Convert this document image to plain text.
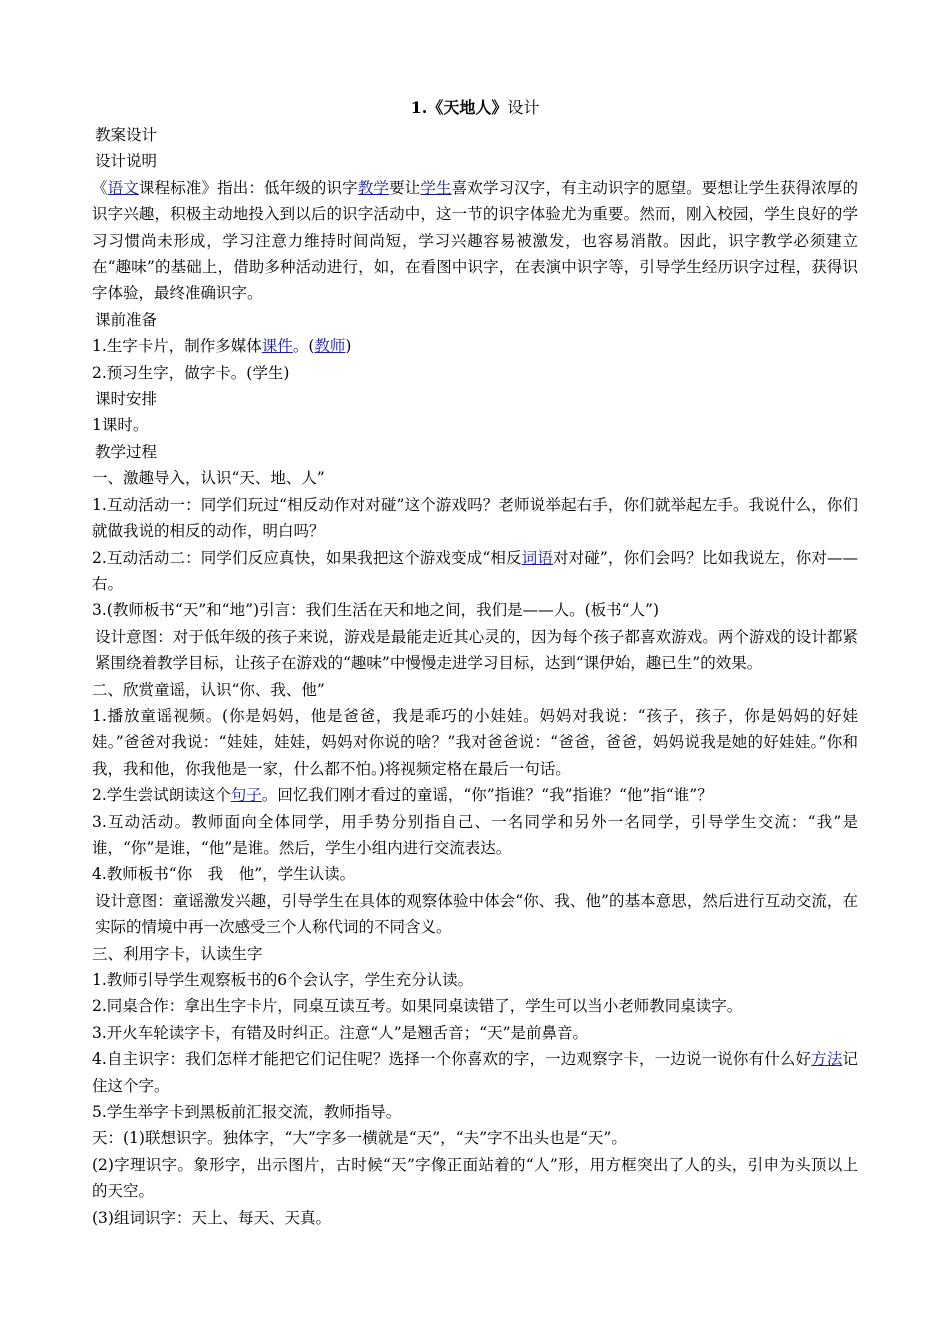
1.《天地人》设计

教案设计

设计说明

《语文课程标准》指出：低年级的识字教学要让学生喜欢学习汉字，有主动识字的愿望。要想让学生获得浓厚的识字兴趣，积极主动地投入到以后的识字活动中，这一节的识字体验尤为重要。然而，刚入校园，学生良好的学习习惯尚未形成，学习注意力维持时间尚短，学习兴趣容易被激发，也容易消散。因此，识字教学必须建立在“趣味”的基础上，借助多种活动进行，如，在看图中识字，在表演中识字等，引导学生经历识字过程，获得识字体验，最终准确识字。

课前准备

1.生字卡片，制作多媒体课件。(教师)

2.预习生字，做字卡。(学生)

课时安排

1课时。

教学过程

一、激趣导入，认识“天、地、人”

1.互动活动一：同学们玩过“相反动作对对碰”这个游戏吗？老师说举起右手，你们就举起左手。我说什么，你们就做我说的相反的动作，明白吗？

2.互动活动二：同学们反应真快，如果我把这个游戏变成“相反词语对对碰”，你们会吗？比如我说左，你对——右。

3.(教师板书“天”和“地”)引言：我们生活在天和地之间，我们是——人。(板书“人”)

设计意图：对于低年级的孩子来说，游戏是最能走近其心灵的，因为每个孩子都喜欢游戏。两个游戏的设计都紧紧围绕着教学目标，让孩子在游戏的“趣味”中慢慢走进学习目标，达到“课伊始，趣已生”的效果。

二、欣赏童谣，认识“你、我、他”

1.播放童谣视频。(你是妈妈，他是爸爸，我是乖巧的小娃娃。妈妈对我说：“孩子，孩子，你是妈妈的好娃娃。”爸爸对我说：“娃娃，娃娃，妈妈对你说的啥？”我对爸爸说：“爸爸，爸爸，妈妈说我是她的好娃娃。”你和我，我和他，你我他是一家，什么都不怕。)将视频定格在最后一句话。

2.学生尝试朗读这个句子。回忆我们刚才看过的童谣，“你”指谁？“我”指谁？“他”指“谁”？

3.互动活动。教师面向全体同学，用手势分别指自己、一名同学和另外一名同学，引导学生交流：“我”是谁，“你”是谁，“他”是谁。然后，学生小组内进行交流表达。

4.教师板书“你　我　他”，学生认读。

设计意图：童谣激发兴趣，引导学生在具体的观察体验中体会“你、我、他”的基本意思，然后进行互动交流，在实际的情境中再一次感受三个人称代词的不同含义。

三、利用字卡，认读生字

1.教师引导学生观察板书的6个会认字，学生充分认读。

2.同桌合作：拿出生字卡片，同桌互读互考。如果同桌读错了，学生可以当小老师教同桌读字。

3.开火车轮读字卡，有错及时纠正。注意“人”是翘舌音；“天”是前鼻音。

4.自主识字：我们怎样才能把它们记住呢？选择一个你喜欢的字，一边观察字卡，一边说一说你有什么好方法记住这个字。

5.学生举字卡到黑板前汇报交流，教师指导。

天：(1)联想识字。独体字，“大”字多一横就是“天”，“夫”字不出头也是“天”。

(2)字理识字。象形字，出示图片，古时候“天”字像正面站着的“人”形，用方框突出了人的头，引申为头顶以上的天空。

(3)组词识字：天上、每天、天真。
